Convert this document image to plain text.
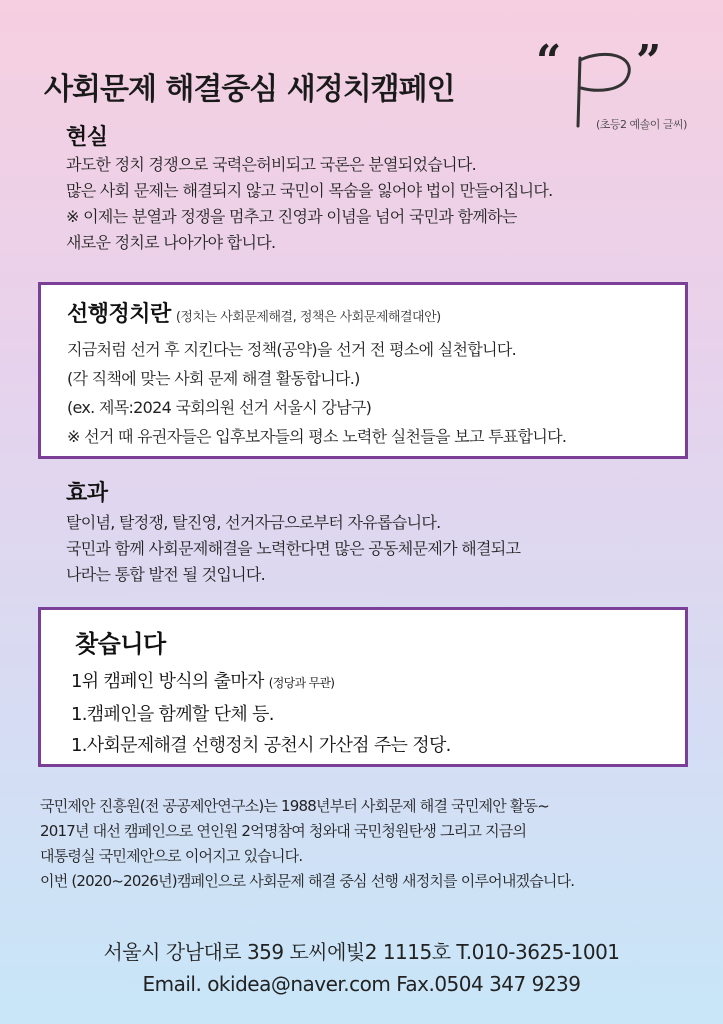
사회문제 해결중심 새정치캠페인
“ ”
(초등2 예솔이 글씨)
현실
과도한 정치 경쟁으로 국력은허비되고 국론은 분열되었습니다.
많은 사회 문제는 해결되지 않고 국민이 목숨을 잃어야 법이 만들어집니다.
※ 이제는 분열과 정쟁을 멈추고 진영과 이념을 넘어 국민과 함께하는
새로운 정치로 나아가야 합니다.
선행정치란 (정치는 사회문제해결, 정책은 사회문제해결대안)
지금처럼 선거 후 지킨다는 정책(공약)을 선거 전 평소에 실천합니다.
(각 직책에 맞는 사회 문제 해결 활동합니다.)
(ex. 제목:2024 국회의원 선거 서울시 강남구)
※ 선거 때 유권자들은 입후보자들의 평소 노력한 실천들을 보고 투표합니다.
효과
탈이념, 탈정쟁, 탈진영, 선거자금으로부터 자유롭습니다.
국민과 함께 사회문제해결을 노력한다면 많은 공동체문제가 해결되고
나라는 통합 발전 될 것입니다.
찾습니다
1위 캠페인 방식의 출마자 (정당과 무관)
1.캠페인을 함께할 단체 등.
1.사회문제해결 선행정치 공천시 가산점 주는 정당.
국민제안 진흥원(전 공공제안연구소)는 1988년부터 사회문제 해결 국민제안 활동~
2017년 대선 캠페인으로 연인원 2억명참여 청와대 국민청원탄생 그리고 지금의
대통령실 국민제안으로 이어지고 있습니다.
이번 (2020~2026년)캠페인으로 사회문제 해결 중심 선행 새정치를 이루어내겠습니다.
서울시 강남대로 359 도씨에빛2 1115호 T.010-3625-1001
Email. okidea@naver.com Fax.0504 347 9239
